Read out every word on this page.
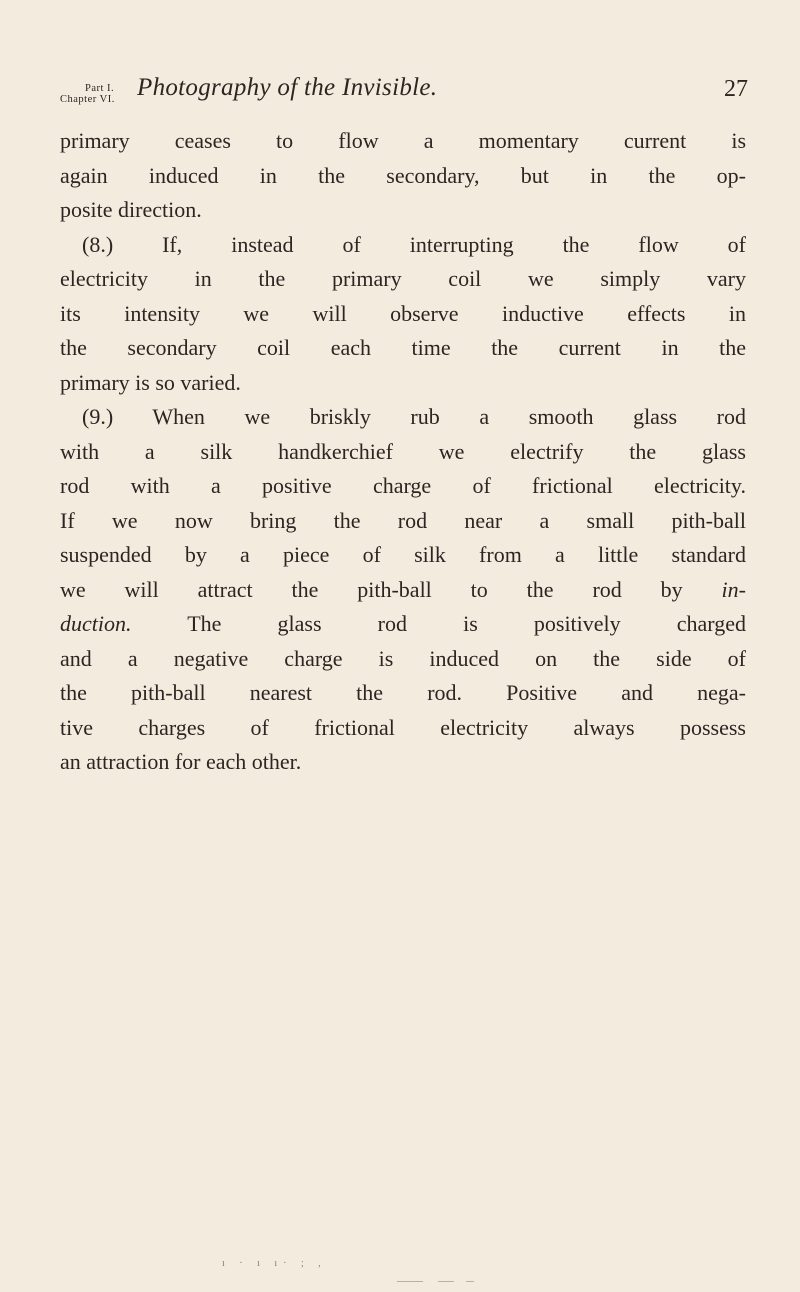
Part I.
Chapter VI. Photography of the Invisible.	27
primary ceases to flow a momentary current is
again induced in the secondary, but in the op-
posite direction.
(8.) If, instead of interrupting the flow of
electricity in the primary coil we simply vary
its intensity we will observe inductive effects in
the secondary coil each time the current in the
primary is so varied.
(9.) When we briskly rub a smooth glass rod
with a silk handkerchief we electrify the glass
rod with a positive charge of frictional electricity.
If we now bring the rod near a small pith-ball
suspended by a piece of silk from a little standard
we will attract the pith-ball to the rod by in-
duction.	The glass rod is positively charged
and a negative charge is induced on the side of
the pith-ball nearest the rod. Positive and nega-
tive charges of frictional electricity always possess
an attraction for each other.
ı · ı ı· ; ,
